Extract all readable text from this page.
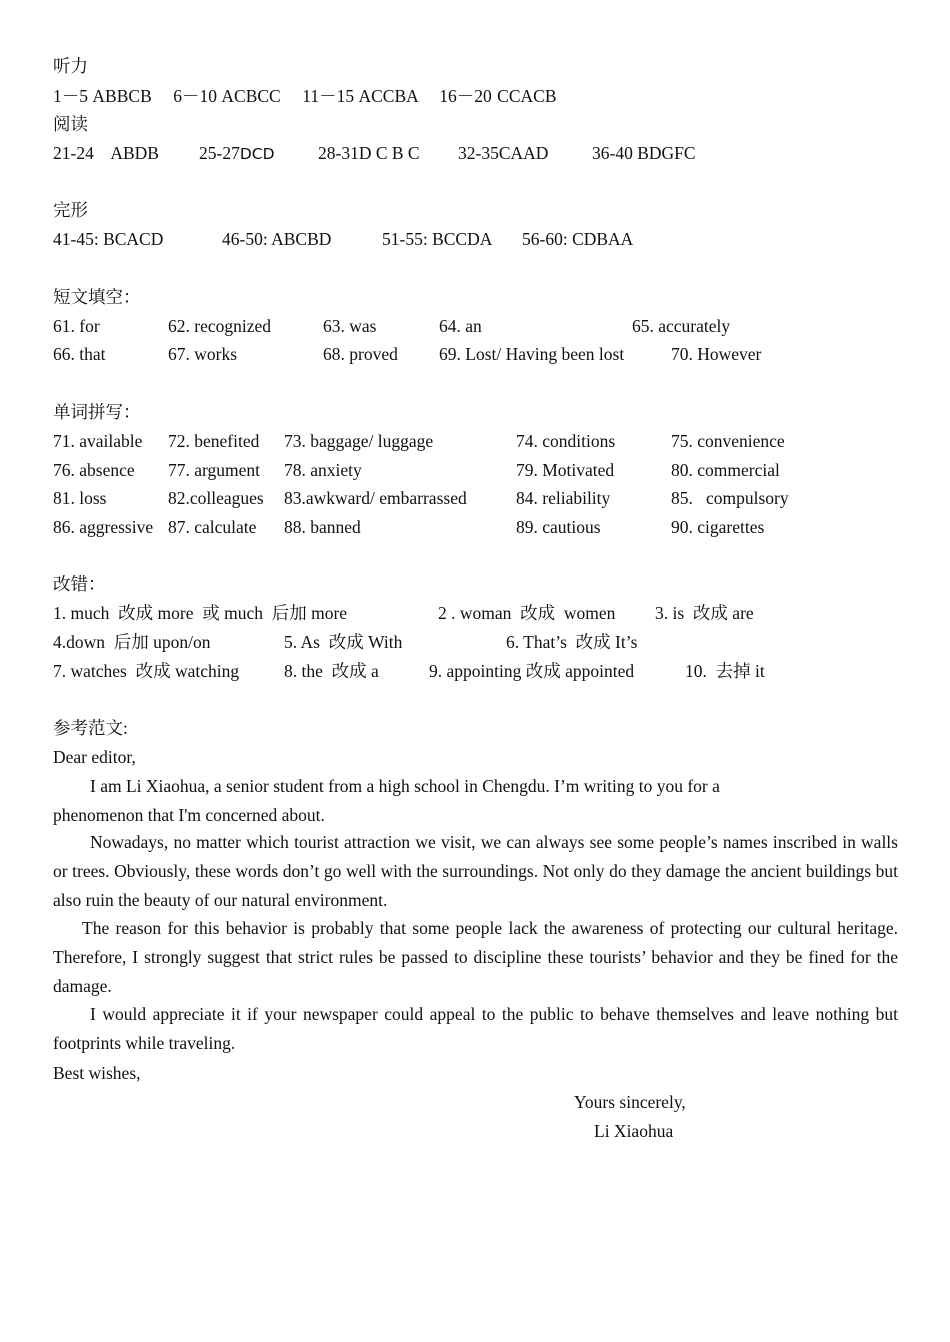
听力
1－5 ABBCB    6－10 ACBCC    11－15 ACCBA    16－20 CCACB
阅读
21-24    ABDB 25-27DCD 28-31D C B C 32-35CAAD 36-40 BDGFC
完形
41-45: BCACD	46-50: ABCBD	51-55: BCCDA 56-60: CDBAA
短文填空：
61. for	62. recognized	63. was	64. an	65. accurately
66. that	67. works	68. proved 69. Lost/ Having been lost	70. However
单词拼写：
71. available 72. benefited 73. baggage/ luggage	74. conditions	75. convenience
76. absence 77. argument 78. anxiety	79. Motivated	80. commercial
81. loss	82.colleagues 83.awkward/ embarrassed	84. reliability	85.   compulsory
86. aggressive 87. calculate 88. banned	89. cautious	90. cigarettes
改错：
1. much  改成 more  或 much  后加 more	2 . woman  改成  women 3. is  改成 are
4.down  后加 upon/on	5. As  改成 With	6. That’s  改成 It’s
7. watches  改成 watching	8. the  改成 a	9. appointing 改成 appointed	10.  去掉 it
参考范文:
Dear editor,
I am Li Xiaohua, a senior student from a high school in Chengdu. I’m writing to you for a
phenomenon that I'm concerned about.

Nowadays, no matter which tourist attraction we visit, we can always see some people’s names inscribed in walls or trees. Obviously, these words don’t go well with the surroundings. Not only do they damage the ancient buildings but also ruin the beauty of our natural environment.

The reason for this behavior is probably that some people lack the awareness of protecting our cultural heritage. Therefore, I strongly suggest that strict rules be passed to discipline these tourists’ behavior and they be fined for the damage.

I would appreciate it if your newspaper could appeal to the public to behave themselves and leave nothing but footprints while traveling.

Best wishes,
Yours sincerely,
Li Xiaohua
